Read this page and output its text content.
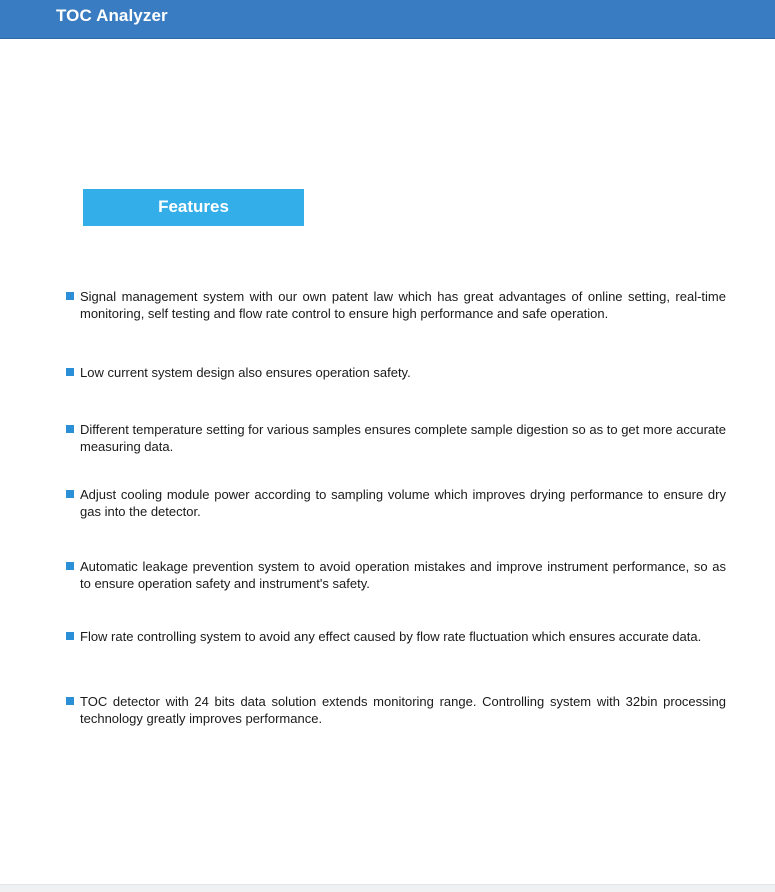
TOC Analyzer
Features
Signal management system with our own patent law which has great advantages of online setting, real-time monitoring, self testing and flow rate control to ensure high performance and safe operation.
Low current system design also ensures operation safety.
Different temperature setting for various samples ensures complete sample digestion so as to get more accurate measuring data.
Adjust cooling module power according to sampling volume which improves drying performance to ensure dry gas into the detector.
Automatic leakage prevention system to avoid operation mistakes and improve instrument performance, so as to ensure operation safety and instrument's safety.
Flow rate controlling system to avoid any effect caused by flow rate fluctuation which ensures accurate data.
TOC detector with 24 bits data solution extends monitoring range. Controlling system with 32bin processing technology greatly improves performance.
